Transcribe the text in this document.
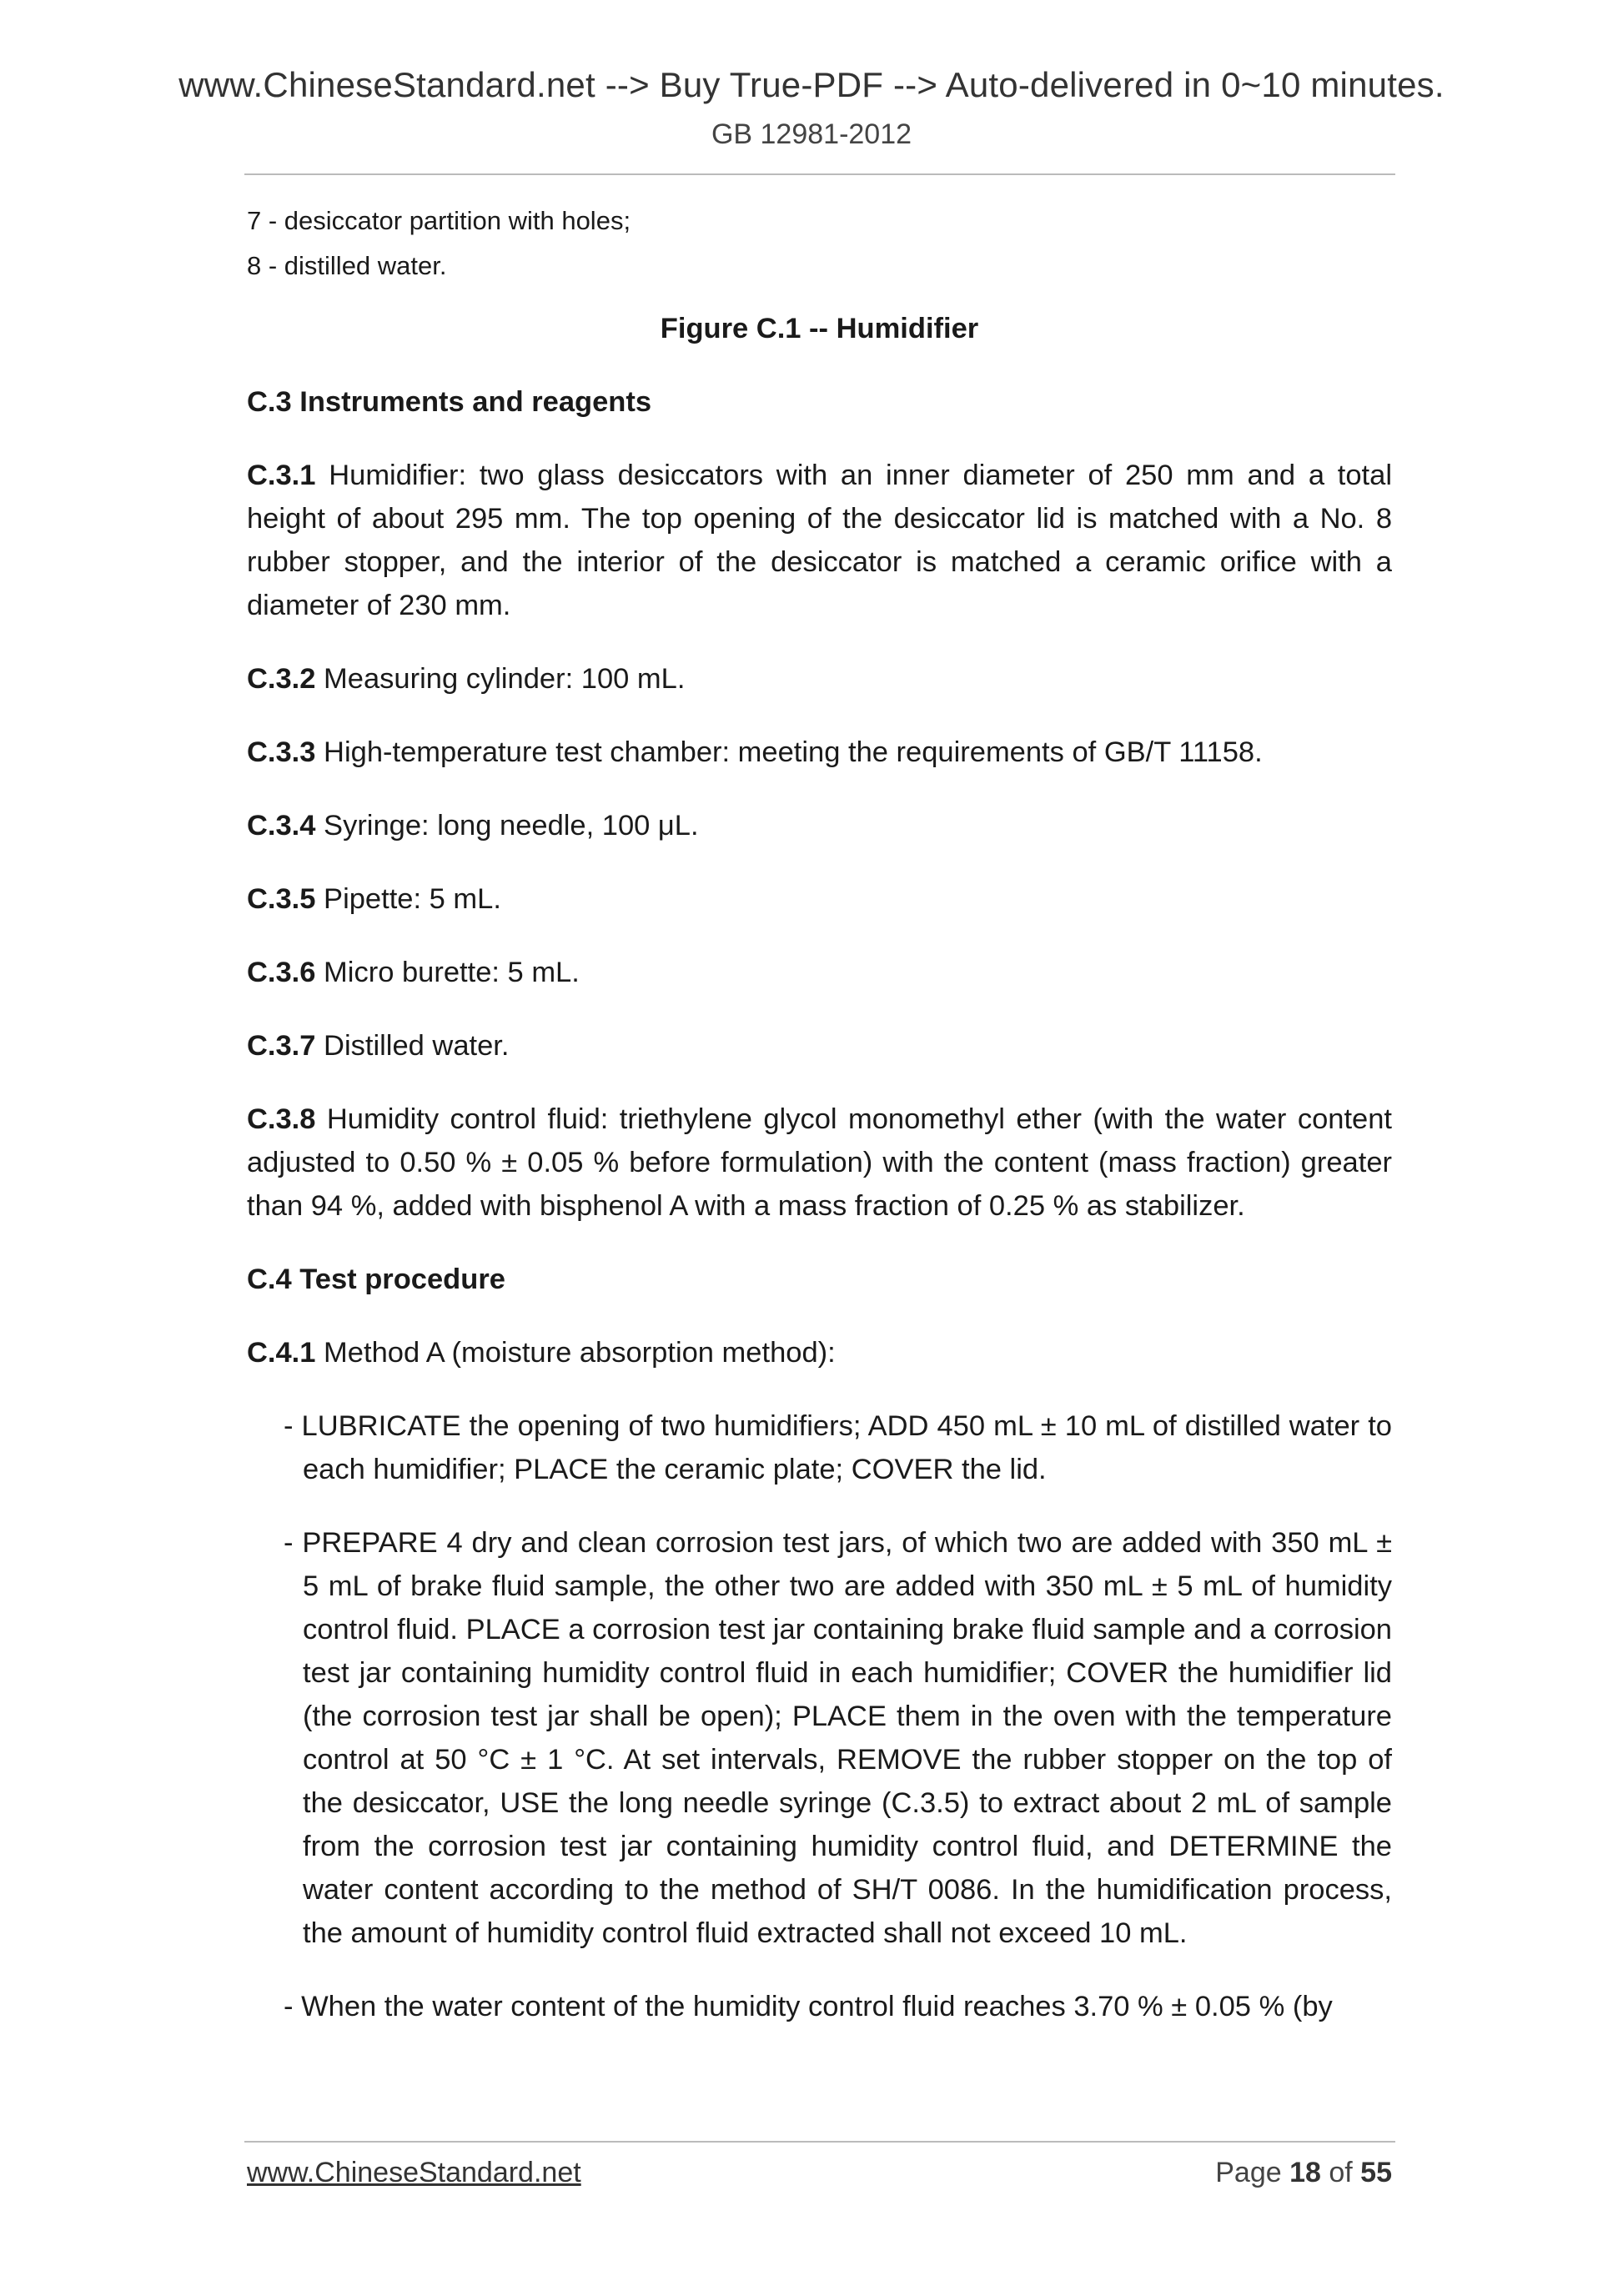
www.ChineseStandard.net --> Buy True-PDF --> Auto-delivered in 0~10 minutes.
GB 12981-2012

7 - desiccator partition with holes;

8 - distilled water.

Figure C.1 -- Humidifier

C.3 Instruments and reagents

C.3.1 Humidifier: two glass desiccators with an inner diameter of 250 mm and a total height of about 295 mm. The top opening of the desiccator lid is matched with a No. 8 rubber stopper, and the interior of the desiccator is matched a ceramic orifice with a diameter of 230 mm.

C.3.2 Measuring cylinder: 100 mL.

C.3.3 High-temperature test chamber: meeting the requirements of GB/T 11158.

C.3.4 Syringe: long needle, 100 μL.

C.3.5 Pipette: 5 mL.

C.3.6 Micro burette: 5 mL.

C.3.7 Distilled water.

C.3.8 Humidity control fluid: triethylene glycol monomethyl ether (with the water content adjusted to 0.50 % ± 0.05 % before formulation) with the content (mass fraction) greater than 94 %, added with bisphenol A with a mass fraction of 0.25 % as stabilizer.

C.4 Test procedure

C.4.1 Method A (moisture absorption method):

- LUBRICATE the opening of two humidifiers; ADD 450 mL ± 10 mL of distilled water to each humidifier; PLACE the ceramic plate; COVER the lid.

- PREPARE 4 dry and clean corrosion test jars, of which two are added with 350 mL ± 5 mL of brake fluid sample, the other two are added with 350 mL ± 5 mL of humidity control fluid. PLACE a corrosion test jar containing brake fluid sample and a corrosion test jar containing humidity control fluid in each humidifier; COVER the humidifier lid (the corrosion test jar shall be open); PLACE them in the oven with the temperature control at 50 °C ± 1 °C. At set intervals, REMOVE the rubber stopper on the top of the desiccator, USE the long needle syringe (C.3.5) to extract about 2 mL of sample from the corrosion test jar containing humidity control fluid, and DETERMINE the water content according to the method of SH/T 0086. In the humidification process, the amount of humidity control fluid extracted shall not exceed 10 mL.

- When the water content of the humidity control fluid reaches 3.70 % ± 0.05 % (by

www.ChineseStandard.net	Page 18 of 55
